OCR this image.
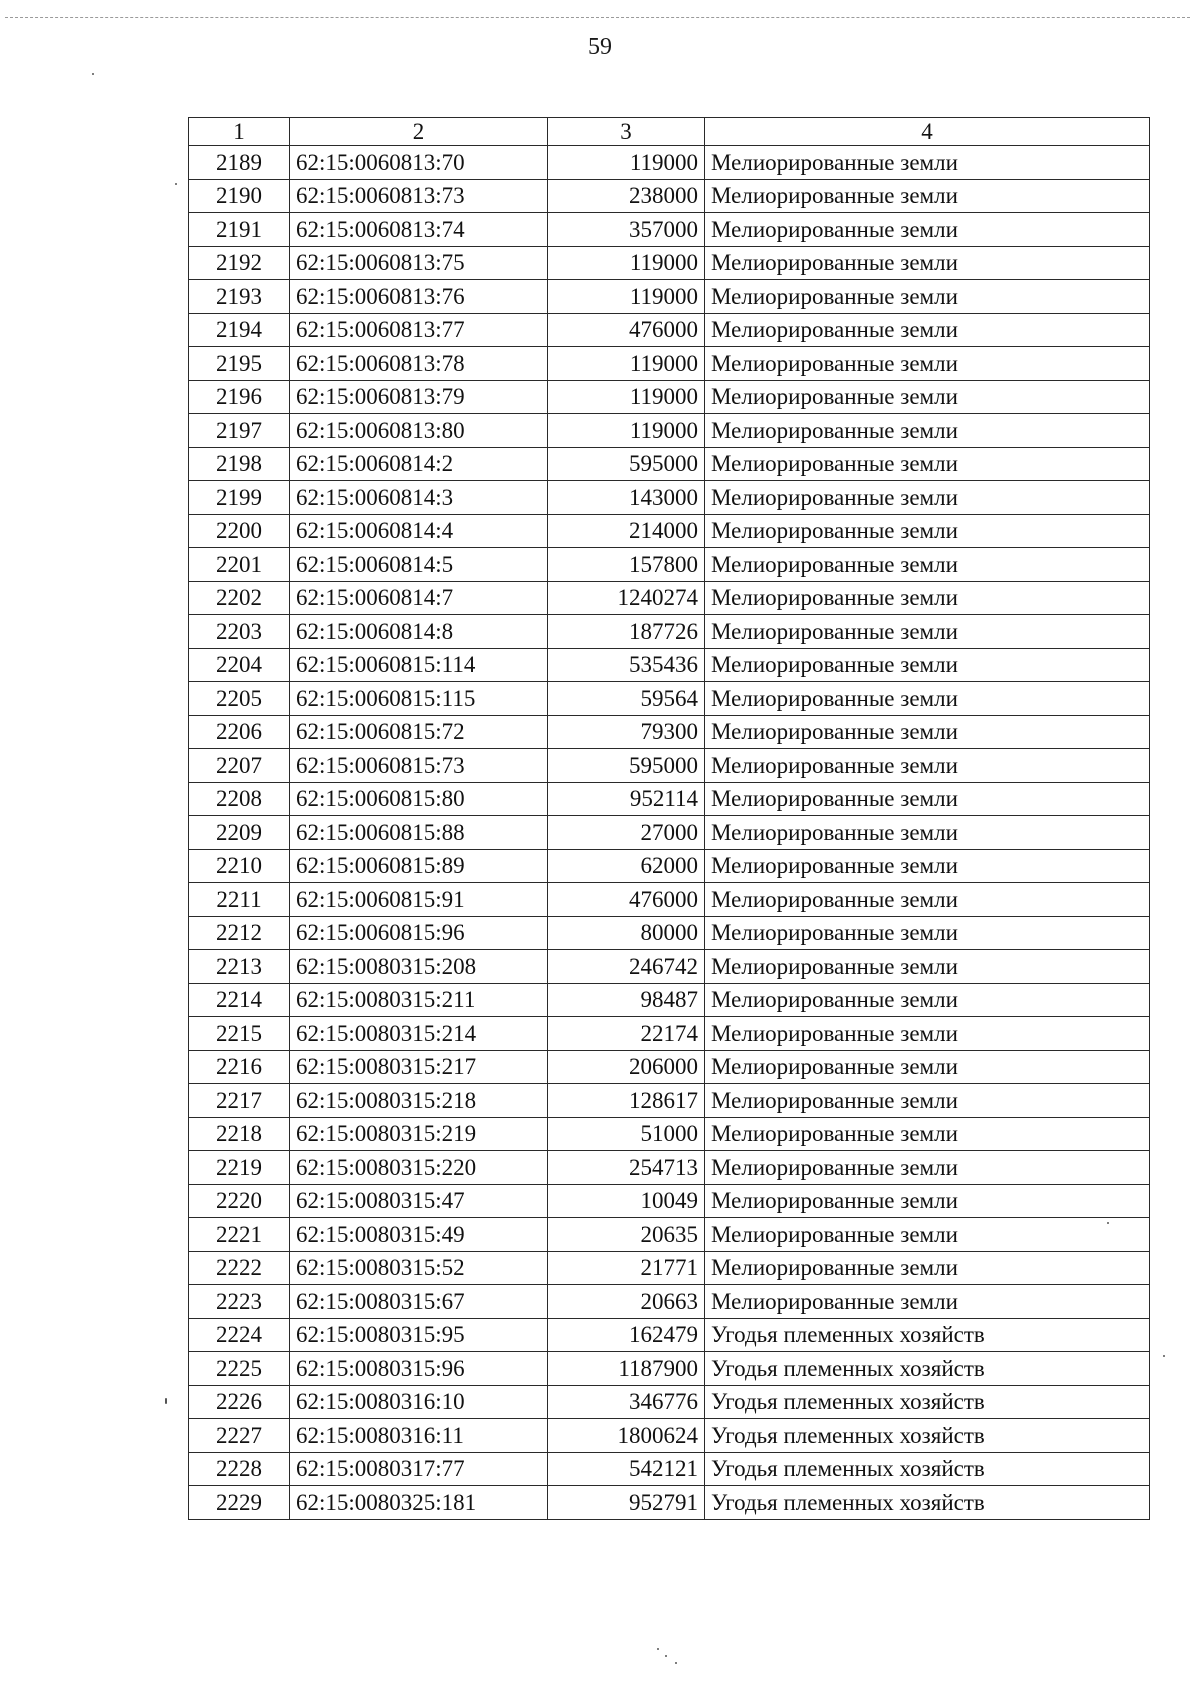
59
1	2	3	4
2189	62:15:0060813:70	119000	Мелиорированные земли
2190	62:15:0060813:73	238000	Мелиорированные земли
2191	62:15:0060813:74	357000	Мелиорированные земли
2192	62:15:0060813:75	119000	Мелиорированные земли
2193	62:15:0060813:76	119000	Мелиорированные земли
2194	62:15:0060813:77	476000	Мелиорированные земли
2195	62:15:0060813:78	119000	Мелиорированные земли
2196	62:15:0060813:79	119000	Мелиорированные земли
2197	62:15:0060813:80	119000	Мелиорированные земли
2198	62:15:0060814:2	595000	Мелиорированные земли
2199	62:15:0060814:3	143000	Мелиорированные земли
2200	62:15:0060814:4	214000	Мелиорированные земли
2201	62:15:0060814:5	157800	Мелиорированные земли
2202	62:15:0060814:7	1240274	Мелиорированные земли
2203	62:15:0060814:8	187726	Мелиорированные земли
2204	62:15:0060815:114	535436	Мелиорированные земли
2205	62:15:0060815:115	59564	Мелиорированные земли
2206	62:15:0060815:72	79300	Мелиорированные земли
2207	62:15:0060815:73	595000	Мелиорированные земли
2208	62:15:0060815:80	952114	Мелиорированные земли
2209	62:15:0060815:88	27000	Мелиорированные земли
2210	62:15:0060815:89	62000	Мелиорированные земли
2211	62:15:0060815:91	476000	Мелиорированные земли
2212	62:15:0060815:96	80000	Мелиорированные земли
2213	62:15:0080315:208	246742	Мелиорированные земли
2214	62:15:0080315:211	98487	Мелиорированные земли
2215	62:15:0080315:214	22174	Мелиорированные земли
2216	62:15:0080315:217	206000	Мелиорированные земли
2217	62:15:0080315:218	128617	Мелиорированные земли
2218	62:15:0080315:219	51000	Мелиорированные земли
2219	62:15:0080315:220	254713	Мелиорированные земли
2220	62:15:0080315:47	10049	Мелиорированные земли
2221	62:15:0080315:49	20635	Мелиорированные земли
2222	62:15:0080315:52	21771	Мелиорированные земли
2223	62:15:0080315:67	20663	Мелиорированные земли
2224	62:15:0080315:95	162479	Угодья племенных хозяйств
2225	62:15:0080315:96	1187900	Угодья племенных хозяйств
2226	62:15:0080316:10	346776	Угодья племенных хозяйств
2227	62:15:0080316:11	1800624	Угодья племенных хозяйств
2228	62:15:0080317:77	542121	Угодья племенных хозяйств
2229	62:15:0080325:181	952791	Угодья племенных хозяйств
